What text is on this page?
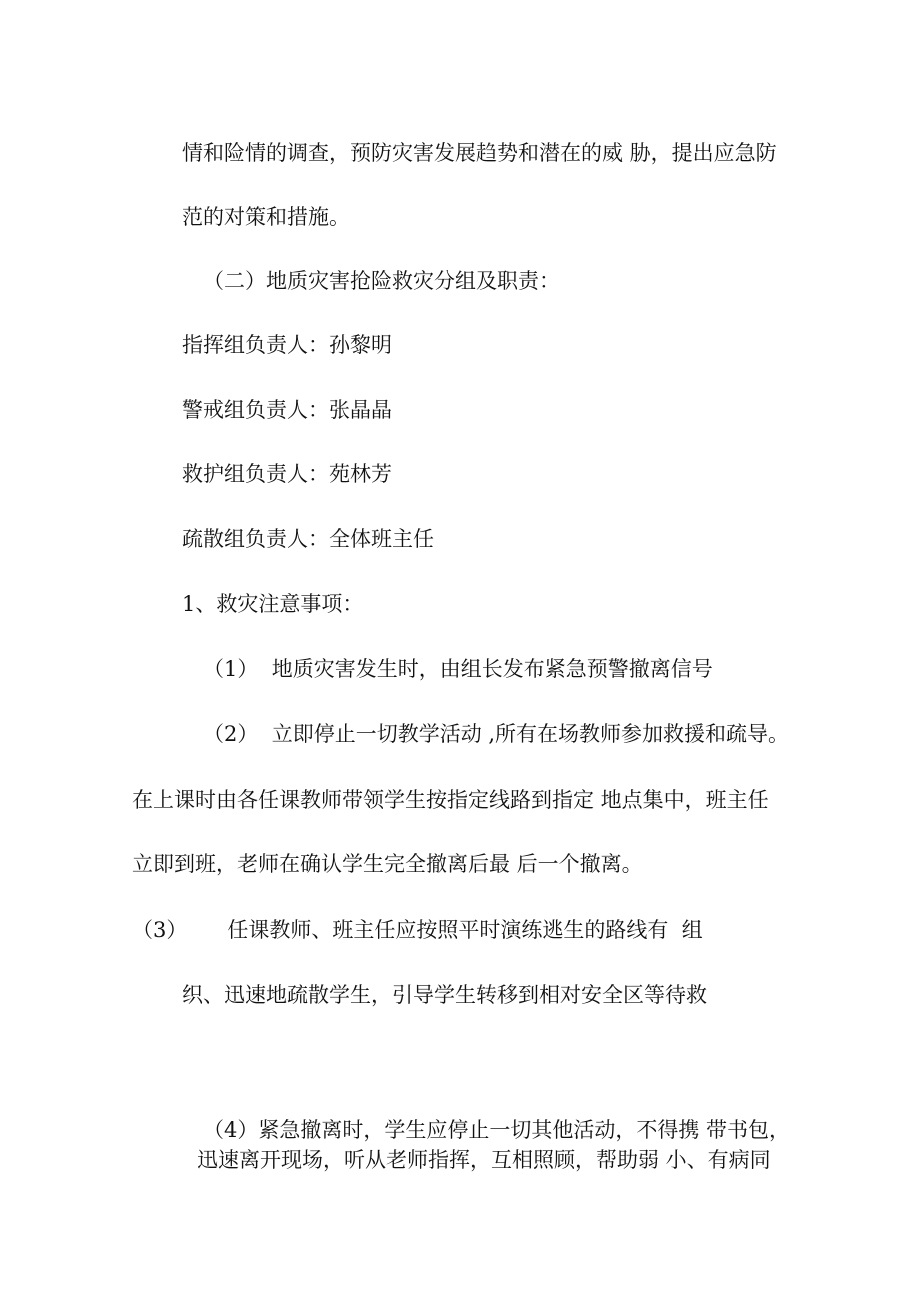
情和险情的调查，预防灾害发展趋势和潜在的威 胁，提出应急防

范的对策和措施。

（二）地质灾害抢险救灾分组及职责：

指挥组负责人：孙黎明

警戒组负责人：张晶晶

救护组负责人：苑林芳

疏散组负责人：全体班主任

1、救灾注意事项：

（1）  地质灾害发生时，由组长发布紧急预警撤离信号

（2）  立即停止一切教学活动 ,所有在场教师参加救援和疏导。

在上课时由各任课教师带领学生按指定线路到指定 地点集中，班主任

立即到班，老师在确认学生完全撤离后最 后一个撤离。

（3）      任课教师、班主任应按照平时演练逃生的路线有  组

织、迅速地疏散学生，引导学生转移到相对安全区等待救

（4）紧急撤离时，学生应停止一切其他活动，不得携 带书包，

迅速离开现场，听从老师指挥，互相照顾，帮助弱 小、有病同
